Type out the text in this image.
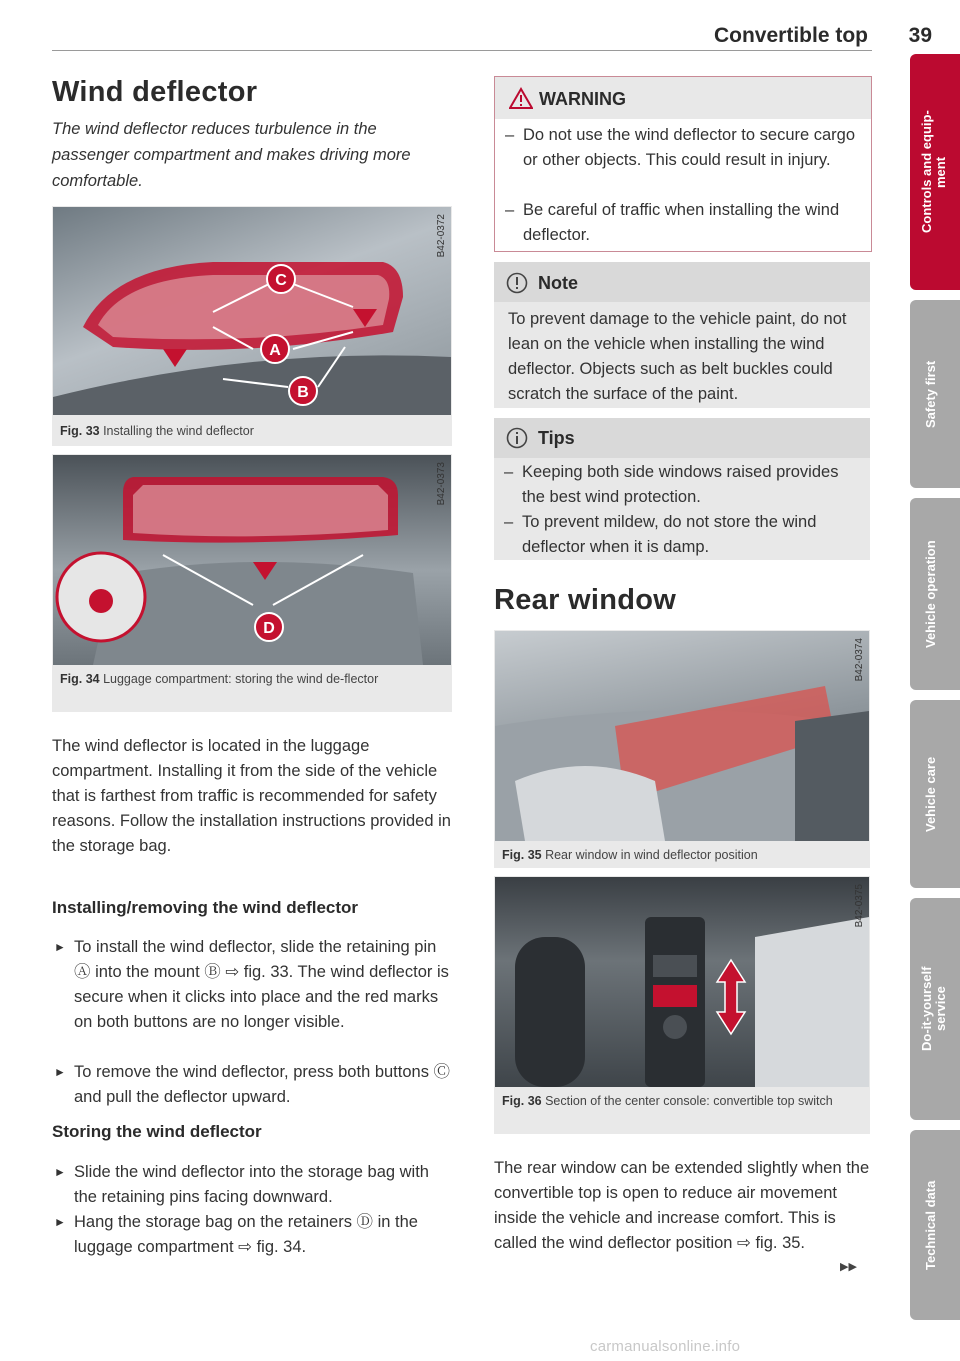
Convertible top 39
Wind deflector
The wind deflector reduces turbulence in the passenger compartment and makes driving more comfortable.
C
A
B
B42-0372
Fig. 33 Installing the wind deflector
D
B42-0373
Fig. 34 Luggage compartment: storing the wind de-flector
The wind deflector is located in the luggage compartment. Installing it from the side of the vehicle that is farthest from traffic is recommended for safety reasons. Follow the installation instructions provided in the storage bag.
Installing/removing the wind deflector
► To install the wind deflector, slide the retaining pin Ⓐ into the mount Ⓑ ⇨ fig. 33. The wind deflector is secure when it clicks into place and the red marks on both buttons are no longer visible.
► To remove the wind deflector, press both buttons Ⓒ and pull the deflector upward.
Storing the wind deflector
► Slide the wind deflector into the storage bag with the retaining pins facing downward.
► Hang the storage bag on the retainers Ⓓ in the luggage compartment ⇨ fig. 34.
WARNING
– Do not use the wind deflector to secure cargo or other objects. This could result in injury.
– Be careful of traffic when installing the wind deflector.
Note
To prevent damage to the vehicle paint, do not lean on the vehicle when installing the wind deflector. Objects such as belt buckles could scratch the surface of the paint.
Tips
– Keeping both side windows raised provides the best wind protection.
– To prevent mildew, do not store the wind deflector when it is damp.
Rear window
B42-0374
Fig. 35 Rear window in wind deflector position
B42-0375
Fig. 36 Section of the center console: convertible top switch
The rear window can be extended slightly when the convertible top is open to reduce air movement inside the vehicle and increase comfort. This is called the wind deflector position ⇨ fig. 35.
▶▶
Controls and equip-
ment
Safety first
Vehicle operation
Vehicle care
Do-it-yourself
service
Technical data
carmanualsonline.info
